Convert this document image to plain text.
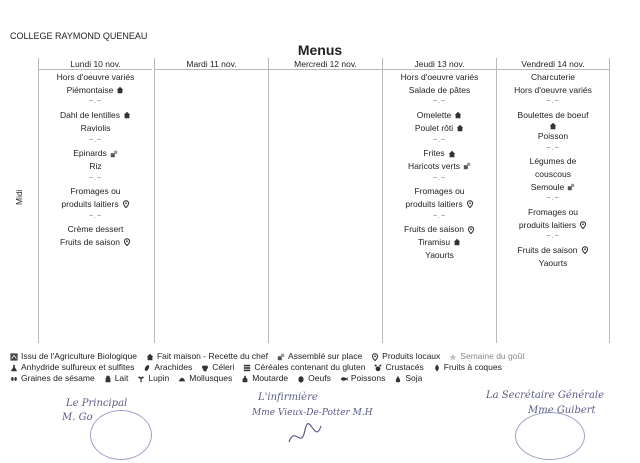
COLLEGE RAYMOND QUENEAU
Menus
Midi
Lundi 10 nov.
Hors d'oeuvre variés
Piémontaise
~.~
Dahl de lentilles
Raviolis
~.~
Epinards
Riz
~.~
Fromages ou
produits laitiers
~.~
Crème dessert
Fruits de saison
Mardi 11 nov.	Mercredi 12 nov.	Jeudi 13 nov.
Hors d'oeuvre variés
Salade de pâtes
~.~
Omelette
Poulet rôti
~.~
Frites
Haricots verts
~.~
Fromages ou
produits laitiers
~.~
Fruits de saison
Tiramisu
Yaourts
Vendredi 14 nov.
Charcuterie
Hors d'oeuvre variés
~.~
Boulettes de boeuf
Poisson
~.~
Légumes de
couscous
Semoule
~.~
Fromages ou
produits laitiers
~.~
Fruits de saison
Yaourts
Issu de l'Agriculture Biologique Fait maison - Recette du chef Assemblé sur place Produits locaux Semaine du goût
Anhydride sulfureux et sulfites Arachides Céleri Céréales contenant du gluten Crustacés Fruits à coques
Graines de sésame Lait Lupin Mollusques Moutarde Oeufs Poissons Soja
Le Principal
M. Go
L'infirmière
Mme Vieux-De-Potter M.H
La Secrétaire Générale
Mme Guibert
